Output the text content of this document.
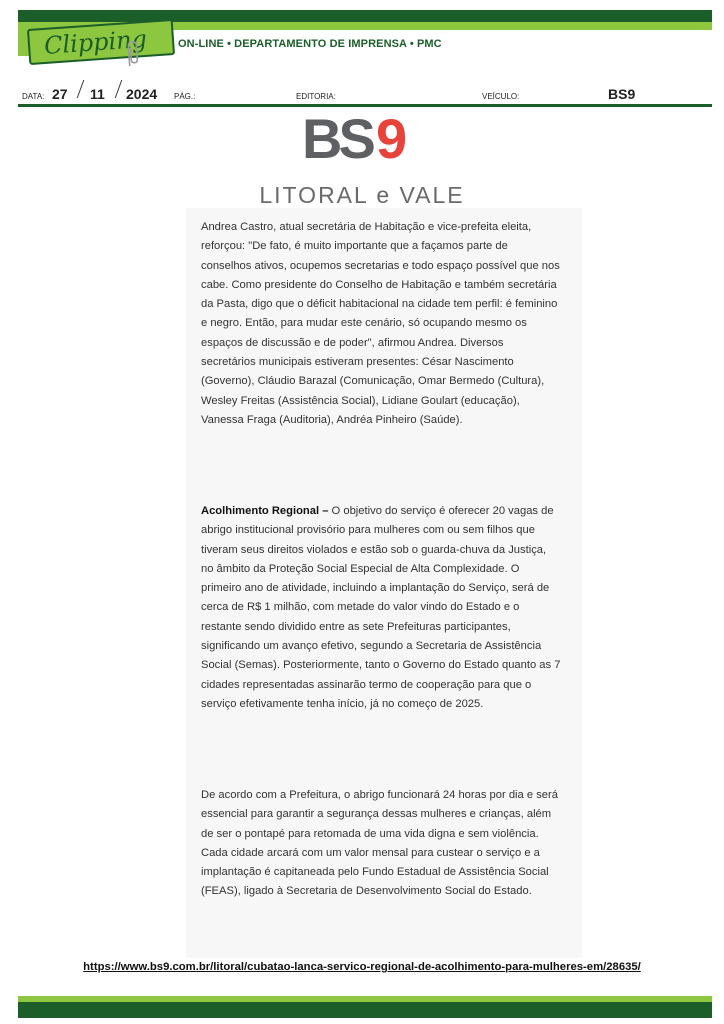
ON-LINE • DEPARTAMENTO DE IMPRENSA • PMC
Clipping
DATA: 27 11 2024 PÁG.:	EDITORIA:	VEÍCULO:	BS9
BS 9
LITORAL e VALE

Andrea Castro, atual secretária de Habitação e vice-prefeita eleita, reforçou: "De fato, é muito importante que a façamos parte de conselhos ativos, ocupemos secretarias e todo espaço possível que nos cabe. Como presidente do Conselho de Habitação e também secretária da Pasta, digo que o déficit habitacional na cidade tem perfil: é feminino e negro. Então, para mudar este cenário, só ocupando mesmo os espaços de discussão e de poder", afirmou Andrea. Diversos secretários municipais estiveram presentes: César Nascimento (Governo), Cláudio Barazal (Comunicação, Omar Bermedo (Cultura), Wesley Freitas (Assistência Social), Lidiane Goulart (educação), Vanessa Fraga (Auditoria), Andréa Pinheiro (Saúde).

Acolhimento Regional – O objetivo do serviço é oferecer 20 vagas de abrigo institucional provisório para mulheres com ou sem filhos que tiveram seus direitos violados e estão sob o guarda-chuva da Justiça, no âmbito da Proteção Social Especial de Alta Complexidade. O primeiro ano de atividade, incluindo a implantação do Serviço, será de cerca de R$ 1 milhão, com metade do valor vindo do Estado e o restante sendo dividido entre as sete Prefeituras participantes, significando um avanço efetivo, segundo a Secretaria de Assistência Social (Semas). Posteriormente, tanto o Governo do Estado quanto as 7 cidades representadas assinarão termo de cooperação para que o serviço efetivamente tenha início, já no começo de 2025.

De acordo com a Prefeitura, o abrigo funcionará 24 horas por dia e será essencial para garantir a segurança dessas mulheres e crianças, além de ser o pontapé para retomada de uma vida digna e sem violência. Cada cidade arcará com um valor mensal para custear o serviço e a implantação é capitaneada pelo Fundo Estadual de Assistência Social (FEAS), ligado à Secretaria de Desenvolvimento Social do Estado.

https://www.bs9.com.br/litoral/cubatao-lanca-servico-regional-de-acolhimento-para-mulheres-em/28635/
